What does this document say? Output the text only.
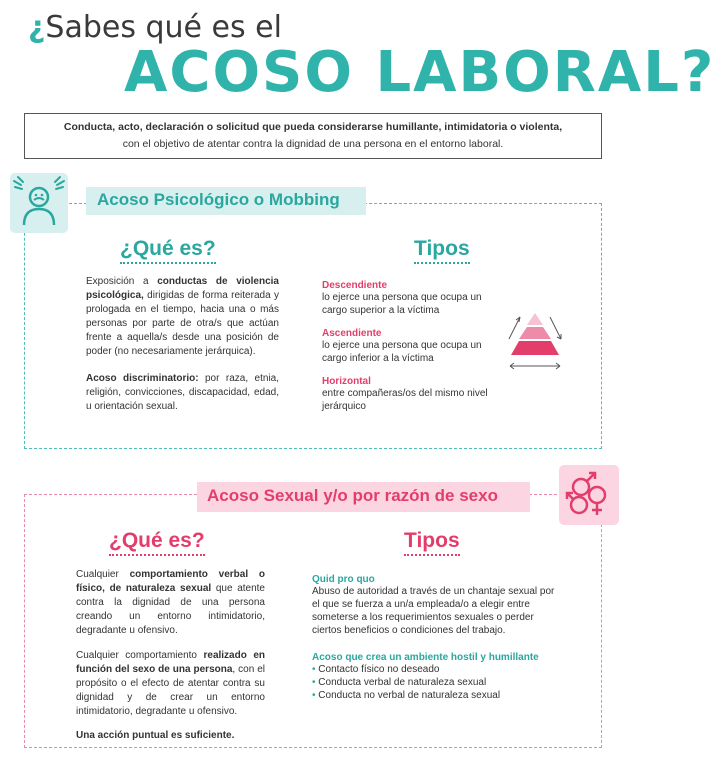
¿Sabes qué es el
ACOSO LABORAL?
Conducta, acto, declaración o solicitud que pueda considerarse humillante, intimidatoria o violenta,
con el objetivo de atentar contra la dignidad de una persona en el entorno laboral.
Acoso Psicológico o Mobbing
¿Qué es?	Tipos
Exposición a conductas de violencia psicológica, dirigidas de forma reiterada y prologada en el tiempo, hacia una o más personas por parte de otra/s que actúan frente a aquella/s desde una posición de poder (no necesariamente jerárquica).
Acoso discriminatorio: por raza, etnia, religión, convicciones, discapacidad, edad, u orientación sexual.
Descendiente
lo ejerce una persona que ocupa un cargo superior a la víctima
Ascendiente
lo ejerce una persona que ocupa un cargo inferior a la víctima
Horizontal
entre compañeras/os del mismo nivel jerárquico
Acoso Sexual y/o por razón de sexo
¿Qué es?	Tipos
Cualquier comportamiento verbal o físico, de naturaleza sexual que atente contra la dignidad de una persona creando un entorno intimidatorio, degradante u ofensivo.
Cualquier comportamiento realizado en función del sexo de una persona, con el propósito o el efecto de atentar contra su dignidad y de crear un entorno intimidatorio, degradante u ofensivo.
Una acción puntual es suficiente.
Quid pro quo
Abuso de autoridad a través de un chantaje sexual por el que se fuerza a un/a empleada/o a elegir entre someterse a los requerimientos sexuales o perder ciertos beneficios o condiciones del trabajo.
Acoso que crea un ambiente hostil y humillante
• Contacto físico no deseado
• Conducta verbal de naturaleza sexual
• Conducta no verbal de naturaleza sexual
